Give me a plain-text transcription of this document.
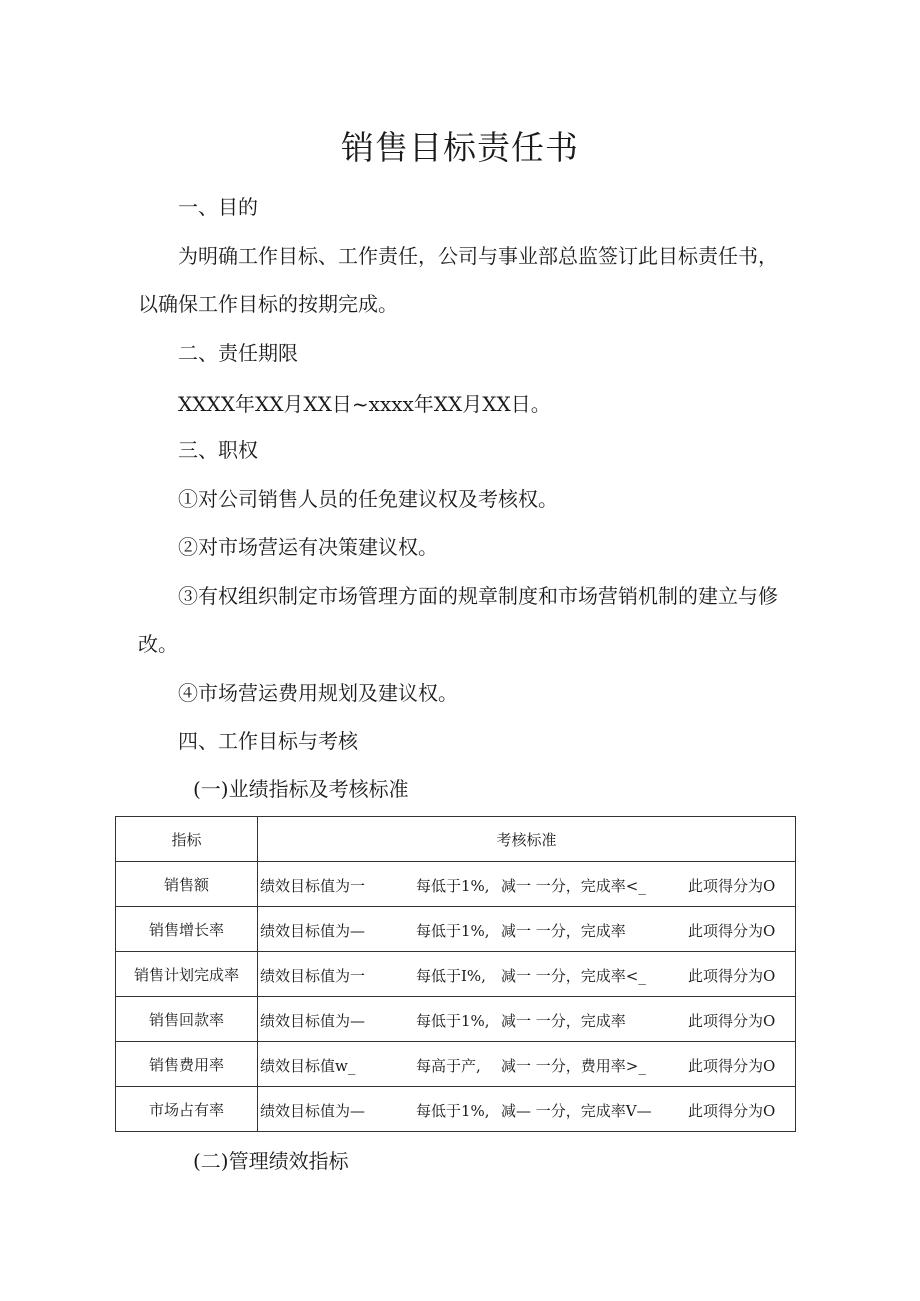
销售目标责任书
一、目的
为明确工作目标、工作责任，公司与事业部总监签订此目标责任书，
以确保工作目标的按期完成。
二、责任期限
XXXX年XX月XX日~xxxx年XX月XX日。
三、职权
①对公司销售人员的任免建议权及考核权。
②对市场营运有决策建议权。
③有权组织制定市场管理方面的规章制度和市场营销机制的建立与修
改。
④市场营运费用规划及建议权。
四、工作目标与考核
(一)业绩指标及考核标准
指标	考核标准
销售额	绩效目标值为一 每低于1%, 减一 一分，完成率<_ 此项得分为O

销售增长率	绩效目标值为— 每低于1%, 减一 一分，完成率 此项得分为O

销售计划完成率	绩效目标值为一 每低于I%, 减一 一分，完成率<_ 此项得分为O

销售回款率	绩效目标值为— 每低于1%, 减一 一分，完成率 此项得分为O

销售费用率	绩效目标值w_ 每高于产, 减一 一分，费用率>_ 此项得分为O

市场占有率	绩效目标值为— 每低于1%, 减— 一分，完成率V— 此项得分为O
(二)管理绩效指标
